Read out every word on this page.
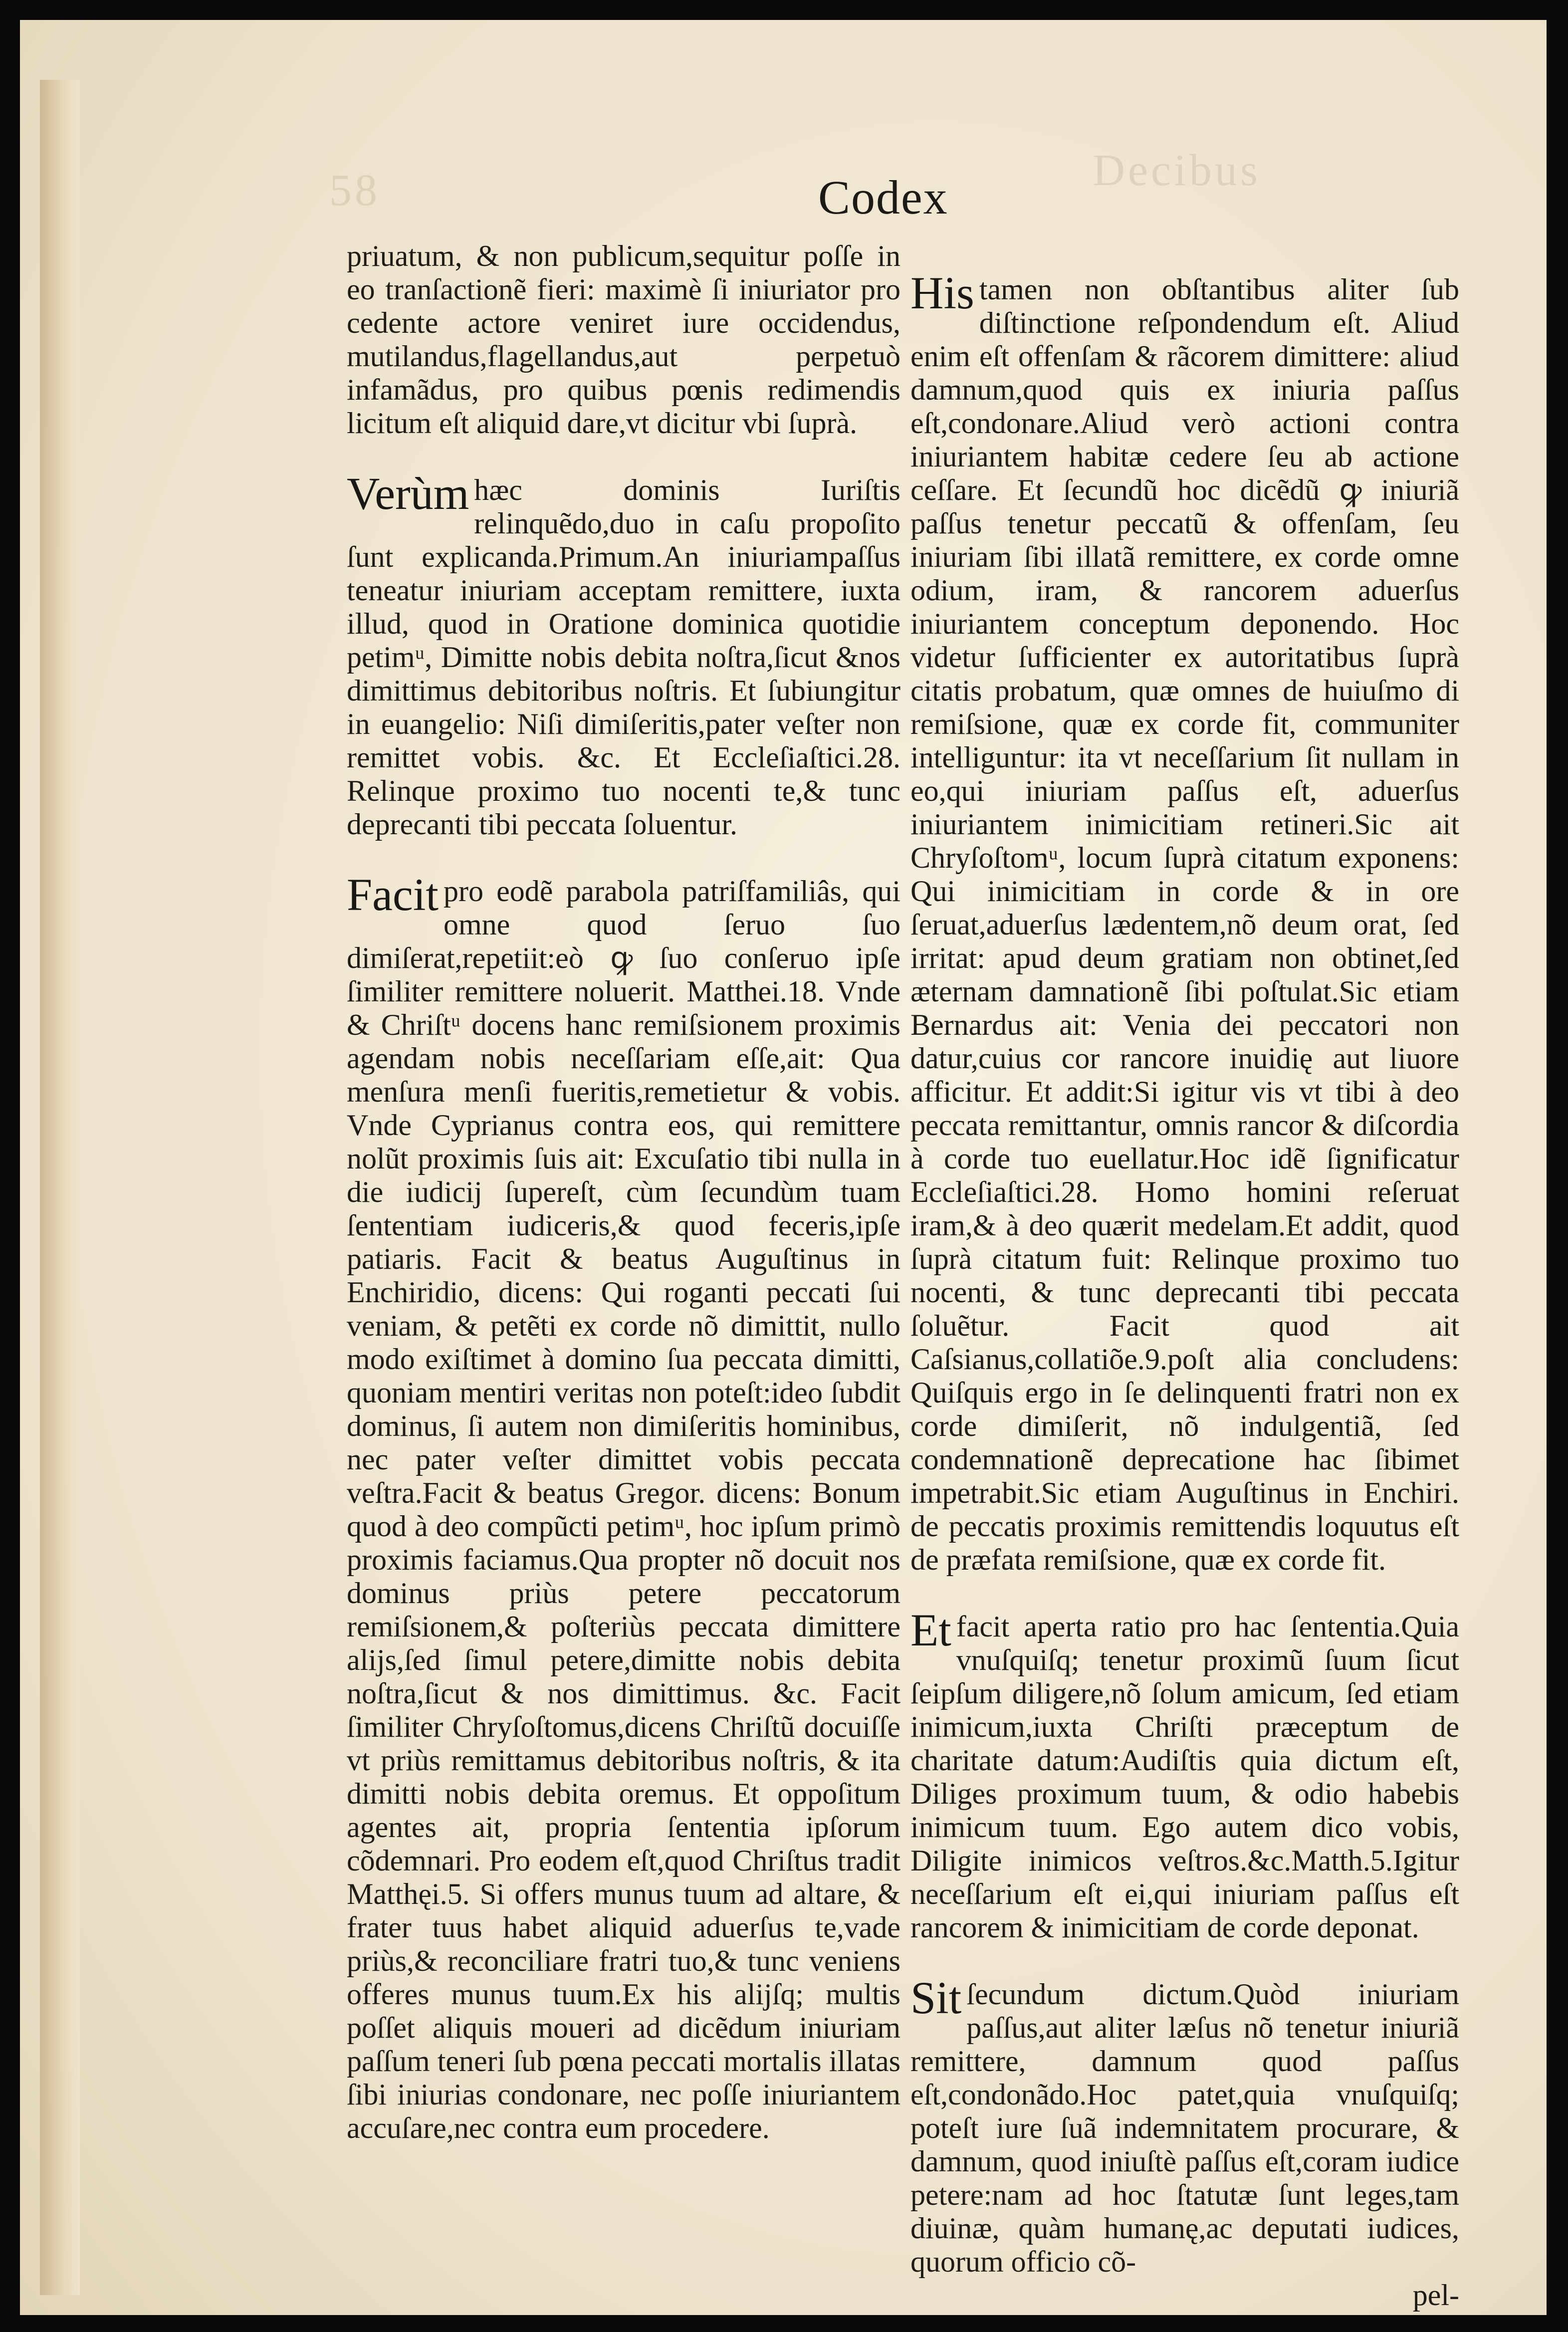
58	Decibus
Codex

priuatum, & non publicum,sequitur poſſe in eo tranſactionẽ fieri: maximè ſi iniuriator pro cedente actore veniret iure occidendus, mutilandus,flagellandus,aut perpetuò infamãdus, pro quibus pœnis redimendis licitum eſt aliquid dare,vt dicitur vbi ſuprà.

Verùm hæc dominis Iuriſtis relinquẽdo,duo in caſu propoſito ſunt explicanda.Primum.An iniuriampaſſus teneatur iniuriam acceptam remittere, iuxta illud, quod in Oratione dominica quotidie petimᵘ, Dimitte nobis debita noſtra,ſicut &nos dimittimus debitoribus noſtris. Et ſubiungitur in euangelio: Niſi dimiſeritis,pater veſter non remittet vobis. &c. Et Eccleſiaſtici.28. Relinque proximo tuo nocenti te,& tunc deprecanti tibi peccata ſoluentur.

Facit pro eodẽ parabola patriſfamiliâs, qui omne quod ſeruo ſuo dimiſerat,repetiit:eò ꝙ ſuo conſeruo ipſe ſimiliter remittere noluerit. Matthei.18. Vnde & Chriſtᵘ docens hanc remiſsionem proximis agendam nobis neceſſariam eſſe,ait: Qua menſura menſi fueritis,remetietur & vobis. Vnde Cyprianus contra eos, qui remittere nolũt proximis ſuis ait: Excuſatio tibi nulla in die iudicij ſupereſt, cùm ſecundùm tuam ſententiam iudiceris,& quod feceris,ipſe patiaris. Facit & beatus Auguſtinus in Enchiridio, dicens: Qui roganti peccati ſui veniam, & petẽti ex corde nõ dimittit, nullo modo exiſtimet à domino ſua peccata dimitti, quoniam mentiri veritas non poteſt:ideo ſubdit dominus, ſi autem non dimiſeritis hominibus, nec pater veſter dimittet vobis peccata veſtra.Facit & beatus Gregor. dicens: Bonum quod à deo compũcti petimᵘ, hoc ipſum primò proximis faciamus.Qua propter nõ docuit nos dominus priùs petere peccatorum remiſsionem,& poſteriùs peccata dimittere alijs,ſed ſimul petere,dimitte nobis debita noſtra,ſicut & nos dimittimus. &c. Facit ſimiliter Chryſoſtomus,dicens Chriſtũ docuiſſe vt priùs remittamus debitoribus noſtris, & ita dimitti nobis debita oremus. Et oppoſitum agentes ait, propria ſententia ipſorum cõdemnari. Pro eodem eſt,quod Chriſtus tradit Matthęi.5. Si offers munus tuum ad altare, & frater tuus habet aliquid aduerſus te,vade priùs,& reconciliare fratri tuo,& tunc veniens offeres munus tuum.Ex his alijſq; multis poſſet aliquis moueri ad dicẽdum iniuriam paſſum teneri ſub pœna peccati mortalis illatas ſibi iniurias condonare, nec poſſe iniuriantem accuſare,nec contra eum procedere.

His tamen non obſtantibus aliter ſub diſtinctione reſpondendum eſt. Aliud enim eſt offenſam & rãcorem dimittere: aliud damnum,quod quis ex iniuria paſſus eſt,condonare.Aliud verò actioni contra iniuriantem habitæ cedere ſeu ab actione ceſſare. Et ſecundũ hoc dicẽdũ ꝙ iniuriã paſſus tenetur peccatũ & offenſam, ſeu iniuriam ſibi illatã remittere, ex corde omne odium, iram, & rancorem aduerſus iniuriantem conceptum deponendo. Hoc videtur ſufficienter ex autoritatibus ſuprà citatis probatum, quæ omnes de huiuſmo di remiſsione, quæ ex corde fit, communiter intelliguntur: ita vt neceſſarium ſit nullam in eo,qui iniuriam paſſus eſt, aduerſus iniuriantem inimicitiam retineri.Sic ait Chryſoſtomᵘ, locum ſuprà citatum exponens: Qui inimicitiam in corde & in ore ſeruat,aduerſus lædentem,nõ deum orat, ſed irritat: apud deum gratiam non obtinet,ſed æternam damnationẽ ſibi poſtulat.Sic etiam Bernardus ait: Venia dei peccatori non datur,cuius cor rancore inuidię aut liuore afficitur. Et addit:Si igitur vis vt tibi à deo peccata remittantur, omnis rancor & diſcordia à corde tuo euellatur.Hoc idẽ ſignificatur Eccleſiaſtici.28. Homo homini reſeruat iram,& à deo quærit medelam.Et addit, quod ſuprà citatum fuit: Relinque proximo tuo nocenti, & tunc deprecanti tibi peccata ſoluẽtur. Facit quod ait Caſsianus,collatiõe.9.poſt alia concludens: Quiſquis ergo in ſe delinquenti fratri non ex corde dimiſerit, nõ indulgentiã, ſed condemnationẽ deprecatione hac ſibimet impetrabit.Sic etiam Auguſtinus in Enchiri. de peccatis proximis remittendis loquutus eſt de præfata remiſsione, quæ ex corde fit.

Et facit aperta ratio pro hac ſententia.Quia vnuſquiſq; tenetur proximũ ſuum ſicut ſeipſum diligere,nõ ſolum amicum, ſed etiam inimicum,iuxta Chriſti præceptum de charitate datum:Audiſtis quia dictum eſt, Diliges proximum tuum, & odio habebis inimicum tuum. Ego autem dico vobis, Diligite inimicos veſtros.&c.Matth.5.Igitur neceſſarium eſt ei,qui iniuriam paſſus eſt rancorem & inimicitiam de corde deponat.

Sit ſecundum dictum.Quòd iniuriam paſſus,aut aliter læſus nõ tenetur iniuriã remittere, damnum quod paſſus eſt,condonãdo.Hoc patet,quia vnuſquiſq; poteſt iure ſuã indemnitatem procurare, & damnum, quod iniuſtè paſſus eſt,coram iudice petere:nam ad hoc ſtatutæ ſunt leges,tam diuinæ, quàm humanę,ac deputati iudices, quorum officio cõ-

pel-
